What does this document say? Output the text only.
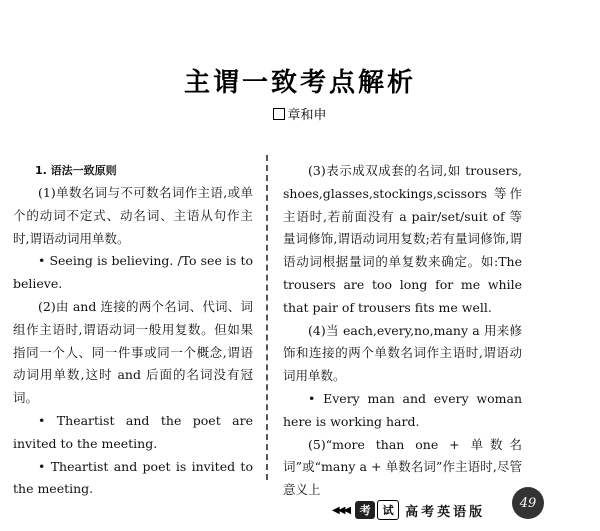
主谓一致考点解析
章和申
1. 语法一致原则

(1)单数名词与不可数名词作主语,或单个的动词不定式、动名词、主语从句作主时,谓语动词用单数。

• Seeing is believing. /To see is to believe.

(2)由 and 连接的两个名词、代词、词组作主语时,谓语动词一般用复数。但如果指同一个人、同一件事或同一个概念,谓语动词用单数,这时 and 后面的名词没有冠词。

• Theartist and the poet are invited to the meeting.

• Theartist and poet is invited to the meeting.

(3)表示成双成套的名词,如 trousers, shoes,glasses,stockings,scissors 等作主语时,若前面没有 a pair/set/suit of 等量词修饰,谓语动词用复数;若有量词修饰,谓语动词根据量词的单复数来确定。如:The trousers are too long for me while that pair of trousers fits me well.

(4)当 each,every,no,many a 用来修饰和连接的两个单数名词作主语时,谓语动词用单数。

• Every man and every woman here is working hard.

(5)“more than one + 单数名词”或“many a + 单数名词”作主语时,尽管意义上

◀◀◀ 考	试 高考英语版
49
